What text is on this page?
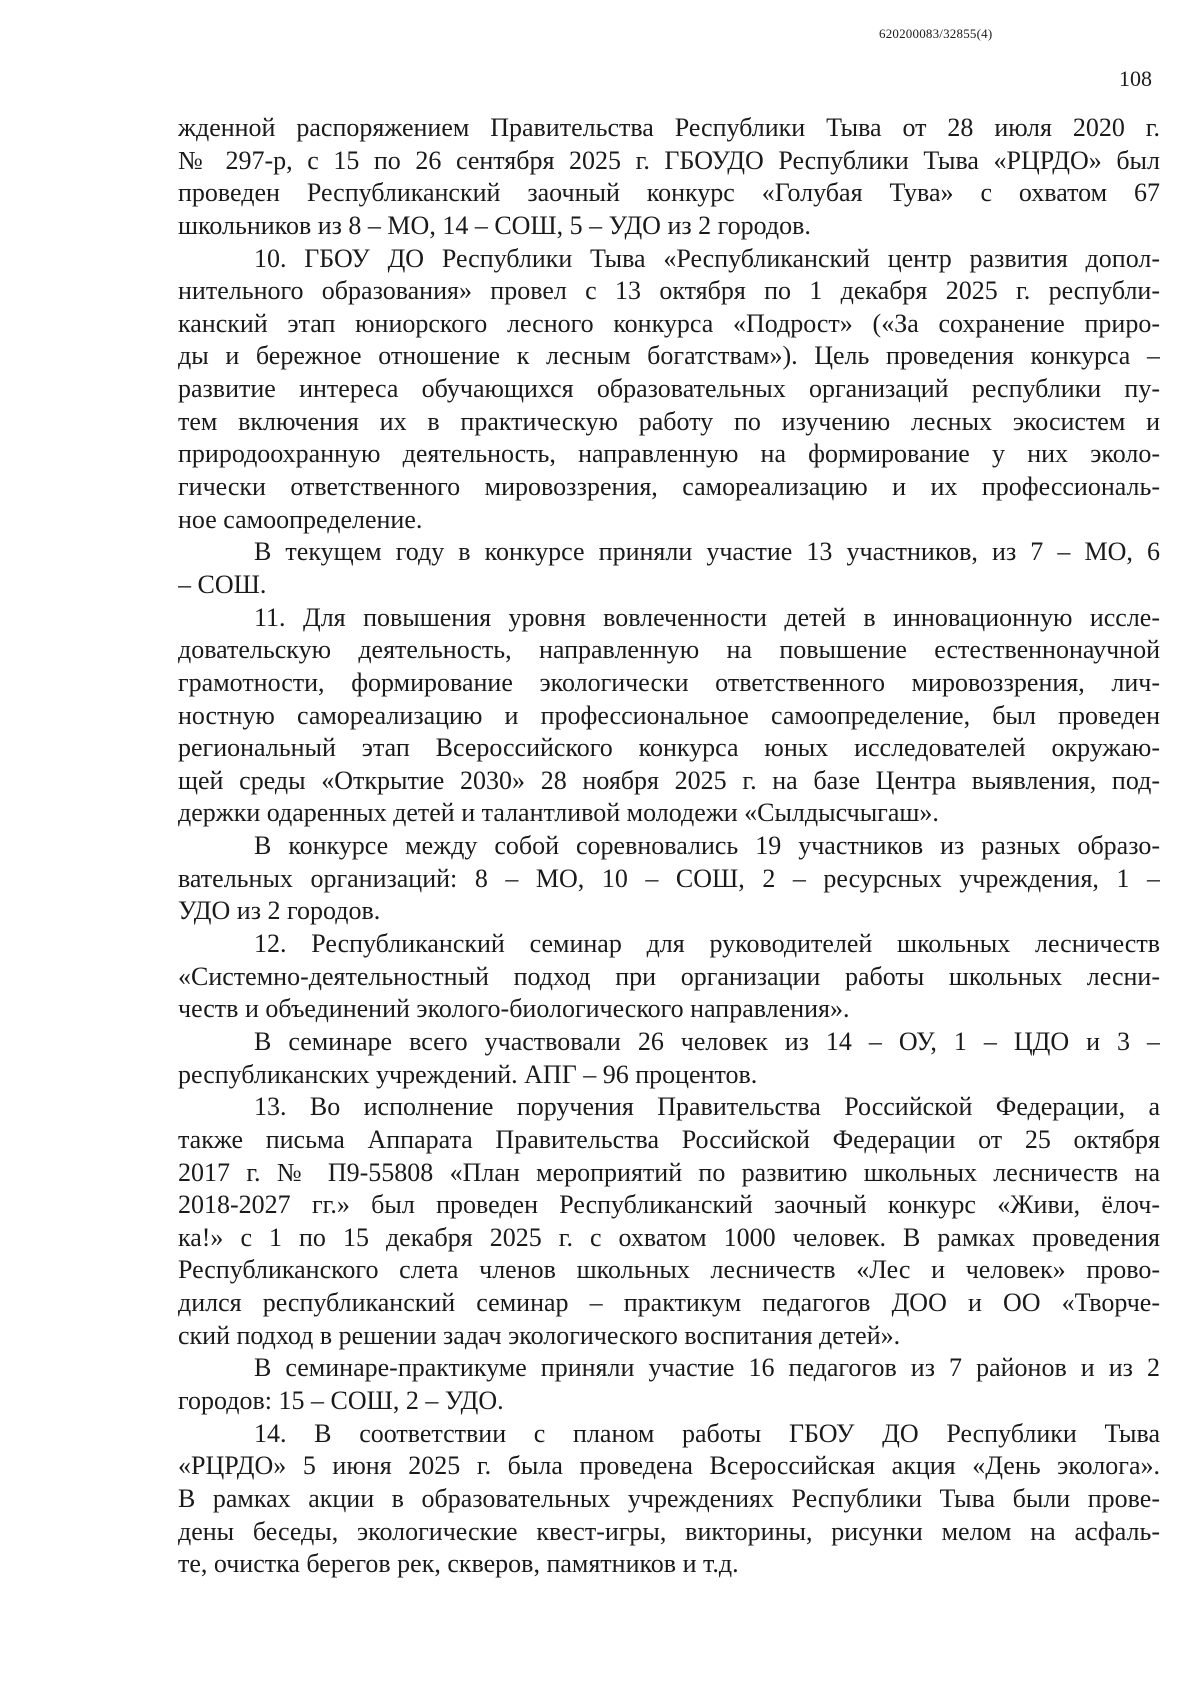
620200083/32855(4)
108
жденной распоряжением Правительства Республики Тыва от 28 июля 2020 г.
№ 297-р, с 15 по 26 сентября 2025 г. ГБОУДО Республики Тыва «РЦРДО» был
проведен Республиканский заочный конкурс «Голубая Тува» с охватом 67
школьников из 8 – МО, 14 – СОШ, 5 – УДО из 2 городов.
10. ГБОУ ДО Республики Тыва «Республиканский центр развития допол-
нительного образования» провел с 13 октября по 1 декабря 2025 г. республи-
канский этап юниорского лесного конкурса «Подрост» («За сохранение приро-
ды и бережное отношение к лесным богатствам»). Цель проведения конкурса –
развитие интереса обучающихся образовательных организаций республики пу-
тем включения их в практическую работу по изучению лесных экосистем и
природоохранную деятельность, направленную на формирование у них эколо-
гически ответственного мировоззрения, самореализацию и их профессиональ-
ное самоопределение.
В текущем году в конкурсе приняли участие 13 участников, из 7 – МО, 6
– СОШ.
11. Для повышения уровня вовлеченности детей в инновационную иссле-
довательскую деятельность, направленную на повышение естественнонаучной
грамотности, формирование экологически ответственного мировоззрения, лич-
ностную самореализацию и профессиональное самоопределение, был проведен
региональный этап Всероссийского конкурса юных исследователей окружаю-
щей среды «Открытие 2030» 28 ноября 2025 г. на базе Центра выявления, под-
держки одаренных детей и талантливой молодежи «Сылдысчыгаш».
В конкурсе между собой соревновались 19 участников из разных образо-
вательных организаций: 8 – МО, 10 – СОШ, 2 – ресурсных учреждения, 1 –
УДО из 2 городов.
12. Республиканский семинар для руководителей школьных лесничеств
«Системно-деятельностный подход при организации работы школьных лесни-
честв и объединений эколого-биологического направления».
В семинаре всего участвовали 26 человек из 14 – ОУ, 1 – ЦДО и 3 –
республиканских учреждений. АПГ – 96 процентов.
13. Во исполнение поручения Правительства Российской Федерации, а
также письма Аппарата Правительства Российской Федерации от 25 октября
2017 г. № П9-55808 «План мероприятий по развитию школьных лесничеств на
2018-2027 гг.» был проведен Республиканский заочный конкурс «Живи, ёлоч-
ка!» с 1 по 15 декабря 2025 г. с охватом 1000 человек. В рамках проведения
Республиканского слета членов школьных лесничеств «Лес и человек» прово-
дился республиканский семинар – практикум педагогов ДОО и ОО «Творче-
ский подход в решении задач экологического воспитания детей».
В семинаре-практикуме приняли участие 16 педагогов из 7 районов и из 2
городов: 15 – СОШ, 2 – УДО.
14. В соответствии с планом работы ГБОУ ДО Республики Тыва
«РЦРДО» 5 июня 2025 г. была проведена Всероссийская акция «День эколога».
В рамках акции в образовательных учреждениях Республики Тыва были прове-
дены беседы, экологические квест-игры, викторины, рисунки мелом на асфаль-
те, очистка берегов рек, скверов, памятников и т.д.
